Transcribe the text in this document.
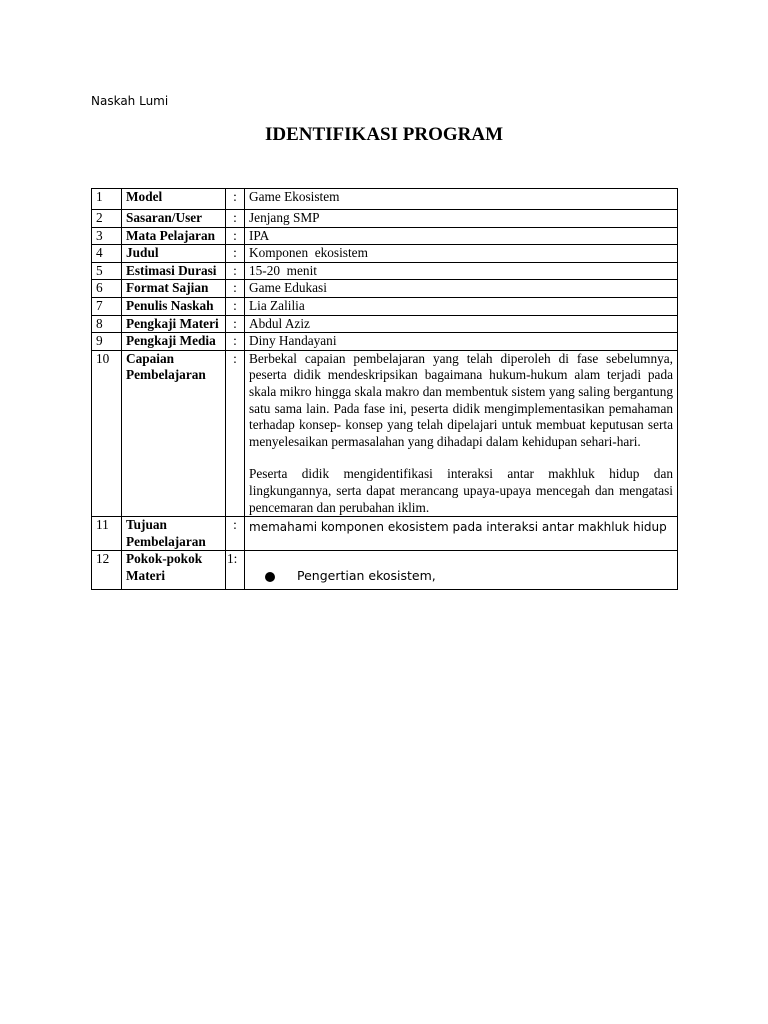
Naskah Lumi
IDENTIFIKASI PROGRAM
1	Model	:	Game Ekosistem
2	Sasaran/User	:	Jenjang SMP
3	Mata Pelajaran	:	IPA
4	Judul	:	Komponen  ekosistem
5	Estimasi Durasi	:	15-20  menit
6	Format Sajian	:	Game Edukasi
7	Penulis Naskah	:	Lia Zalilia
8	Pengkaji Materi	:	Abdul Aziz
9	Pengkaji Media	:	Diny Handayani
10	Capaian Pembelajaran	:	Berbekal capaian pembelajaran yang telah diperoleh di fase sebelumnya, peserta didik mendeskripsikan bagaimana hukum-hukum alam terjadi pada skala mikro hingga skala makro dan membentuk sistem yang saling bergantung satu sama lain. Pada fase ini, peserta didik mengimplementasikan pemahaman terhadap konsep- konsep yang telah dipelajari untuk membuat keputusan serta menyelesaikan permasalahan yang dihadapi dalam kehidupan sehari-hari.
Peserta didik mengidentifikasi interaksi antar makhluk hidup dan lingkungannya, serta dapat merancang upaya-upaya mencegah dan mengatasi pencemaran dan perubahan iklim.

11	Tujuan Pembelajaran	:	memahami komponen ekosistem pada interaksi antar makhluk hidup
12	Pokok-pokok Materi	1:	Pengertian ekosistem,
